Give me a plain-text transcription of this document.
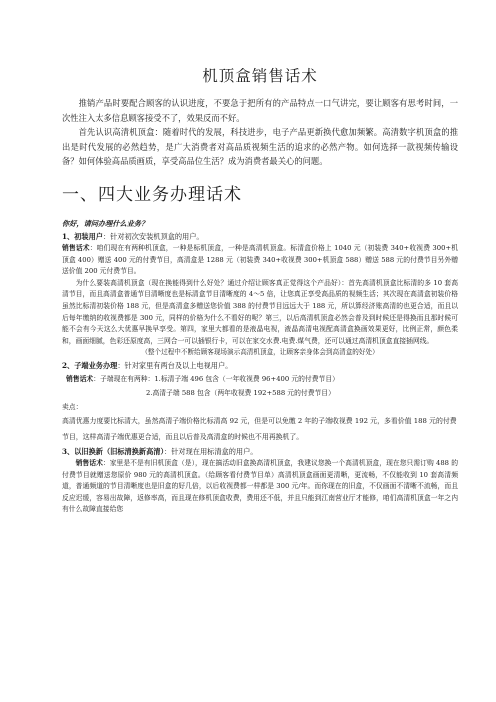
机顶盒销售话术

推销产品时要配合顾客的认识进度，不要急于把所有的产品特点一口气讲完，要让顾客有思考时间，一次性注入太多信息顾客接受不了，效果反而不好。

首先认识高清机顶盒：随着时代的发展，科技进步，电子产品更新换代愈加频繁。高清数字机顶盒的推出是时代发展的必然趋势，是广大消费者对高品质视频生活的追求的必然产物。如何选择一款视频传输设备？如何体验高品质画质，享受高品位生活？成为消费者最关心的问题。

一、四大业务办理话术

你好，请问办理什么业务？

1、初装用户：针对初次安装机顶盒的用户。

销售话术：咱们现在有两种机顶盒，一种是标机顶盒，一种是高清机顶盒。标清盒价格上 1040 元（初装费 340+收视费 300+机顶盒 400）赠送 400 元的付费节目，高清盒是 1288 元（初装费 340+收视费 300+机顶盒 588）赠送 588 元的付费节目另外赠送价值 200 元付费节目。

为什么要装高清机顶盒（现在换能得到什么好处？通过介绍让顾客真正觉得这个产品好）：首先高清机顶盒比标清的多 10 套高清节目，而且高清盒普通节目清晰度也是标清盒节目清晰度的 4～5 倍，让您真正享受高品质的视频生活；其次现在高清盒初装价格虽然比标清初装价格 188 元，但是高清盒多赠送您价值 388 的付费节目远远大于 188 元，所以算经济账高清的也更合适，而且以后每年缴纳的收视费都是 300 元，同样的价格为什么不看好的呢？第三，以后高清机顶盒必然会普及到时候还是得换而且那时候可能不会有今天这么大优惠早换早享受。第四，家里大都看的是液晶电视，液晶高清电视配高清盒换画效果更好，比例正常，颜色柔和，画面细腻，色彩还原度高，三网合一可以插银行卡，可以在家交水费.电费.煤气费，还可以通过高清机顶盒直接插网线。

（整个过程中不断给顾客现场演示高清机顶盒，让顾客亲身体会到高清盒的好处）

2、子端业务办理：针对家里有两台及以上电视用户。

销售话术：子端现在有两种：1.标清子端 496 包含（一年收视费 96+400 元的付费节目）

2.高清子端 588 包含（两年收视费 192+588 元的付费节目）

卖点：

高清优惠力度要比标清大，虽然高清子端价格比标清高 92 元，但是可以免缴 2 年的子端收视费 192 元，多看价值 188 元的付费节目，这样高清子端优惠更合适，而且以后普及高清盒的时候也不用再换机了。

3、以旧换新（旧标清换新高清）：针对现在用标清盒的用户。

销售话术：家里是不是有旧机顶盒（是），现在搞活动旧盒换高清机顶盒，我建议您换一个高清机顶盒，现在您只需订购 488 的付费节目就赠送您原价 980 元的高清机顶盒。（给顾客看付费节目单）高清机顶盒画面更清晰，更流畅，不仅能收到 10 套高清频道，普通频道的节目清晰度也是旧盒的好几倍，以后收视费都一样都是 300 元/年。而你现在的旧盒，不仅画面不清晰不流畅，而且反应迟缓，容易出故障，返修率高，而且现在修机顶盒收费，费用还不低，并且只能到江南营业厅才能修，咱们高清机顶盒一年之内有什么故障直接给您
